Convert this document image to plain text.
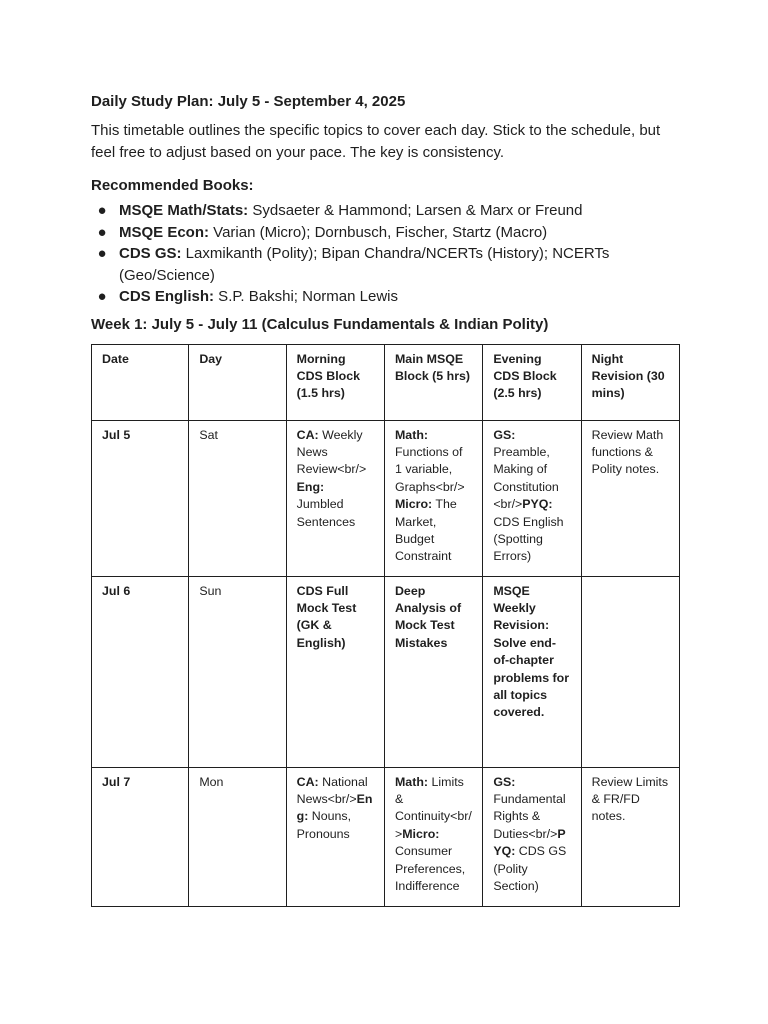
Daily Study Plan: July 5 - September 4, 2025

This timetable outlines the specific topics to cover each day. Stick to the schedule, but feel free to adjust based on your pace. The key is consistency.

Recommended Books:
● MSQE Math/Stats: Sydsaeter & Hammond; Larsen & Marx or Freund
● MSQE Econ: Varian (Micro); Dornbusch, Fischer, Startz (Macro)
● CDS GS: Laxmikanth (Polity); Bipan Chandra/NCERTs (History); NCERTs (Geo/Science)
● CDS English: S.P. Bakshi; Norman Lewis
Week 1: July 5 - July 11 (Calculus Fundamentals & Indian Polity)
Date	Day	Morning CDS Block (1.5 hrs)	Main MSQE Block (5 hrs)	Evening CDS Block (2.5 hrs)	Night Revision (30 mins)
Jul 5	Sat	CA: Weekly News Review<br/>Eng: Jumbled Sentences	Math: Functions of 1 variable, Graphs<br/>Micro: The Market, Budget Constraint	GS: Preamble, Making of Constitution <br/>PYQ: CDS English (Spotting Errors)	Review Math functions & Polity notes.
Jul 6	Sun	CDS Full Mock Test (GK & English)	Deep Analysis of Mock Test Mistakes	MSQE Weekly Revision: Solve end-of-chapter problems for all topics covered.	
Jul 7	Mon	CA: National News<br/>Eng: Nouns, Pronouns	Math: Limits & Continuity<br/>Micro: Consumer Preferences, Indifference	GS: Fundamental Rights & Duties<br/>PYQ: CDS GS (Polity Section)	Review Limits & FR/FD notes.
